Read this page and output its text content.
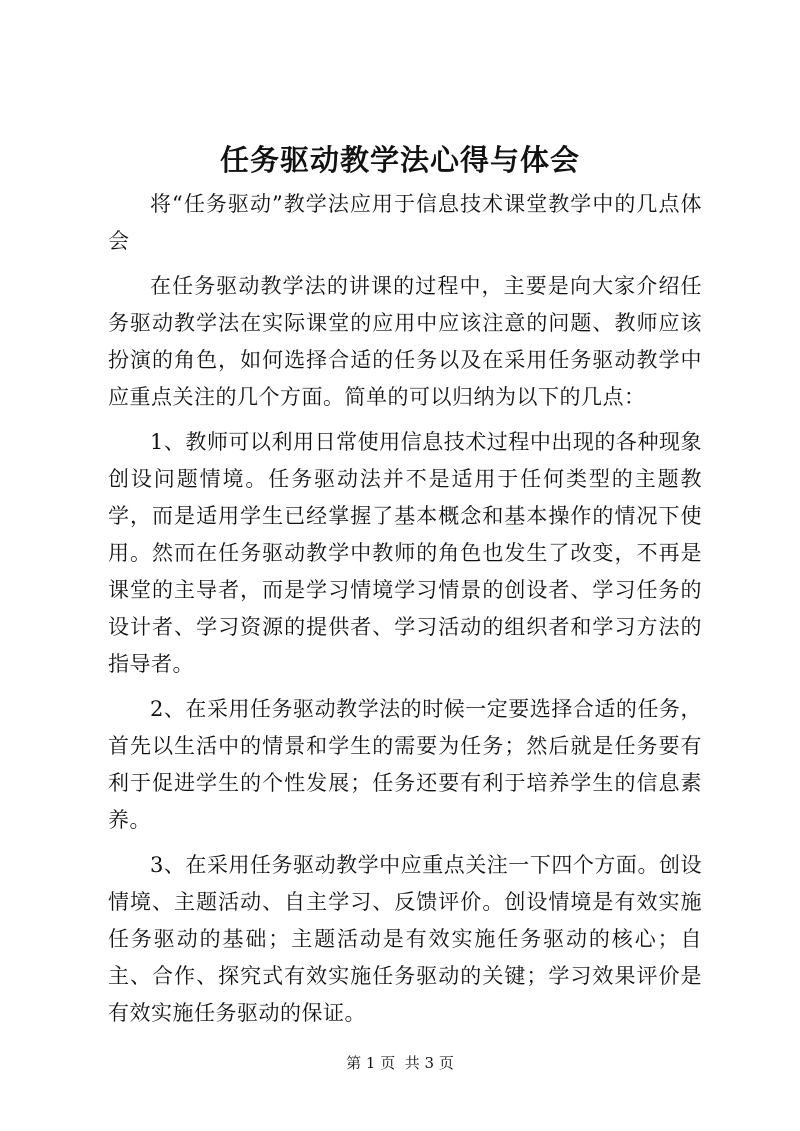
任务驱动教学法心得与体会

将“任务驱动”教学法应用于信息技术课堂教学中的几点体会

在任务驱动教学法的讲课的过程中，主要是向大家介绍任务驱动教学法在实际课堂的应用中应该注意的问题、教师应该扮演的角色，如何选择合适的任务以及在采用任务驱动教学中应重点关注的几个方面。简单的可以归纳为以下的几点：

1、教师可以利用日常使用信息技术过程中出现的各种现象创设问题情境。任务驱动法并不是适用于任何类型的主题教学，而是适用学生已经掌握了基本概念和基本操作的情况下使用。然而在任务驱动教学中教师的角色也发生了改变，不再是课堂的主导者，而是学习情境学习情景的创设者、学习任务的设计者、学习资源的提供者、学习活动的组织者和学习方法的指导者。

2、在采用任务驱动教学法的时候一定要选择合适的任务，首先以生活中的情景和学生的需要为任务；然后就是任务要有利于促进学生的个性发展；任务还要有利于培养学生的信息素养。

3、在采用任务驱动教学中应重点关注一下四个方面。创设情境、主题活动、自主学习、反馈评价。创设情境是有效实施任务驱动的基础；主题活动是有效实施任务驱动的核心；自主、合作、探究式有效实施任务驱动的关键；学习效果评价是有效实施任务驱动的保证。

第 1 页  共 3 页
